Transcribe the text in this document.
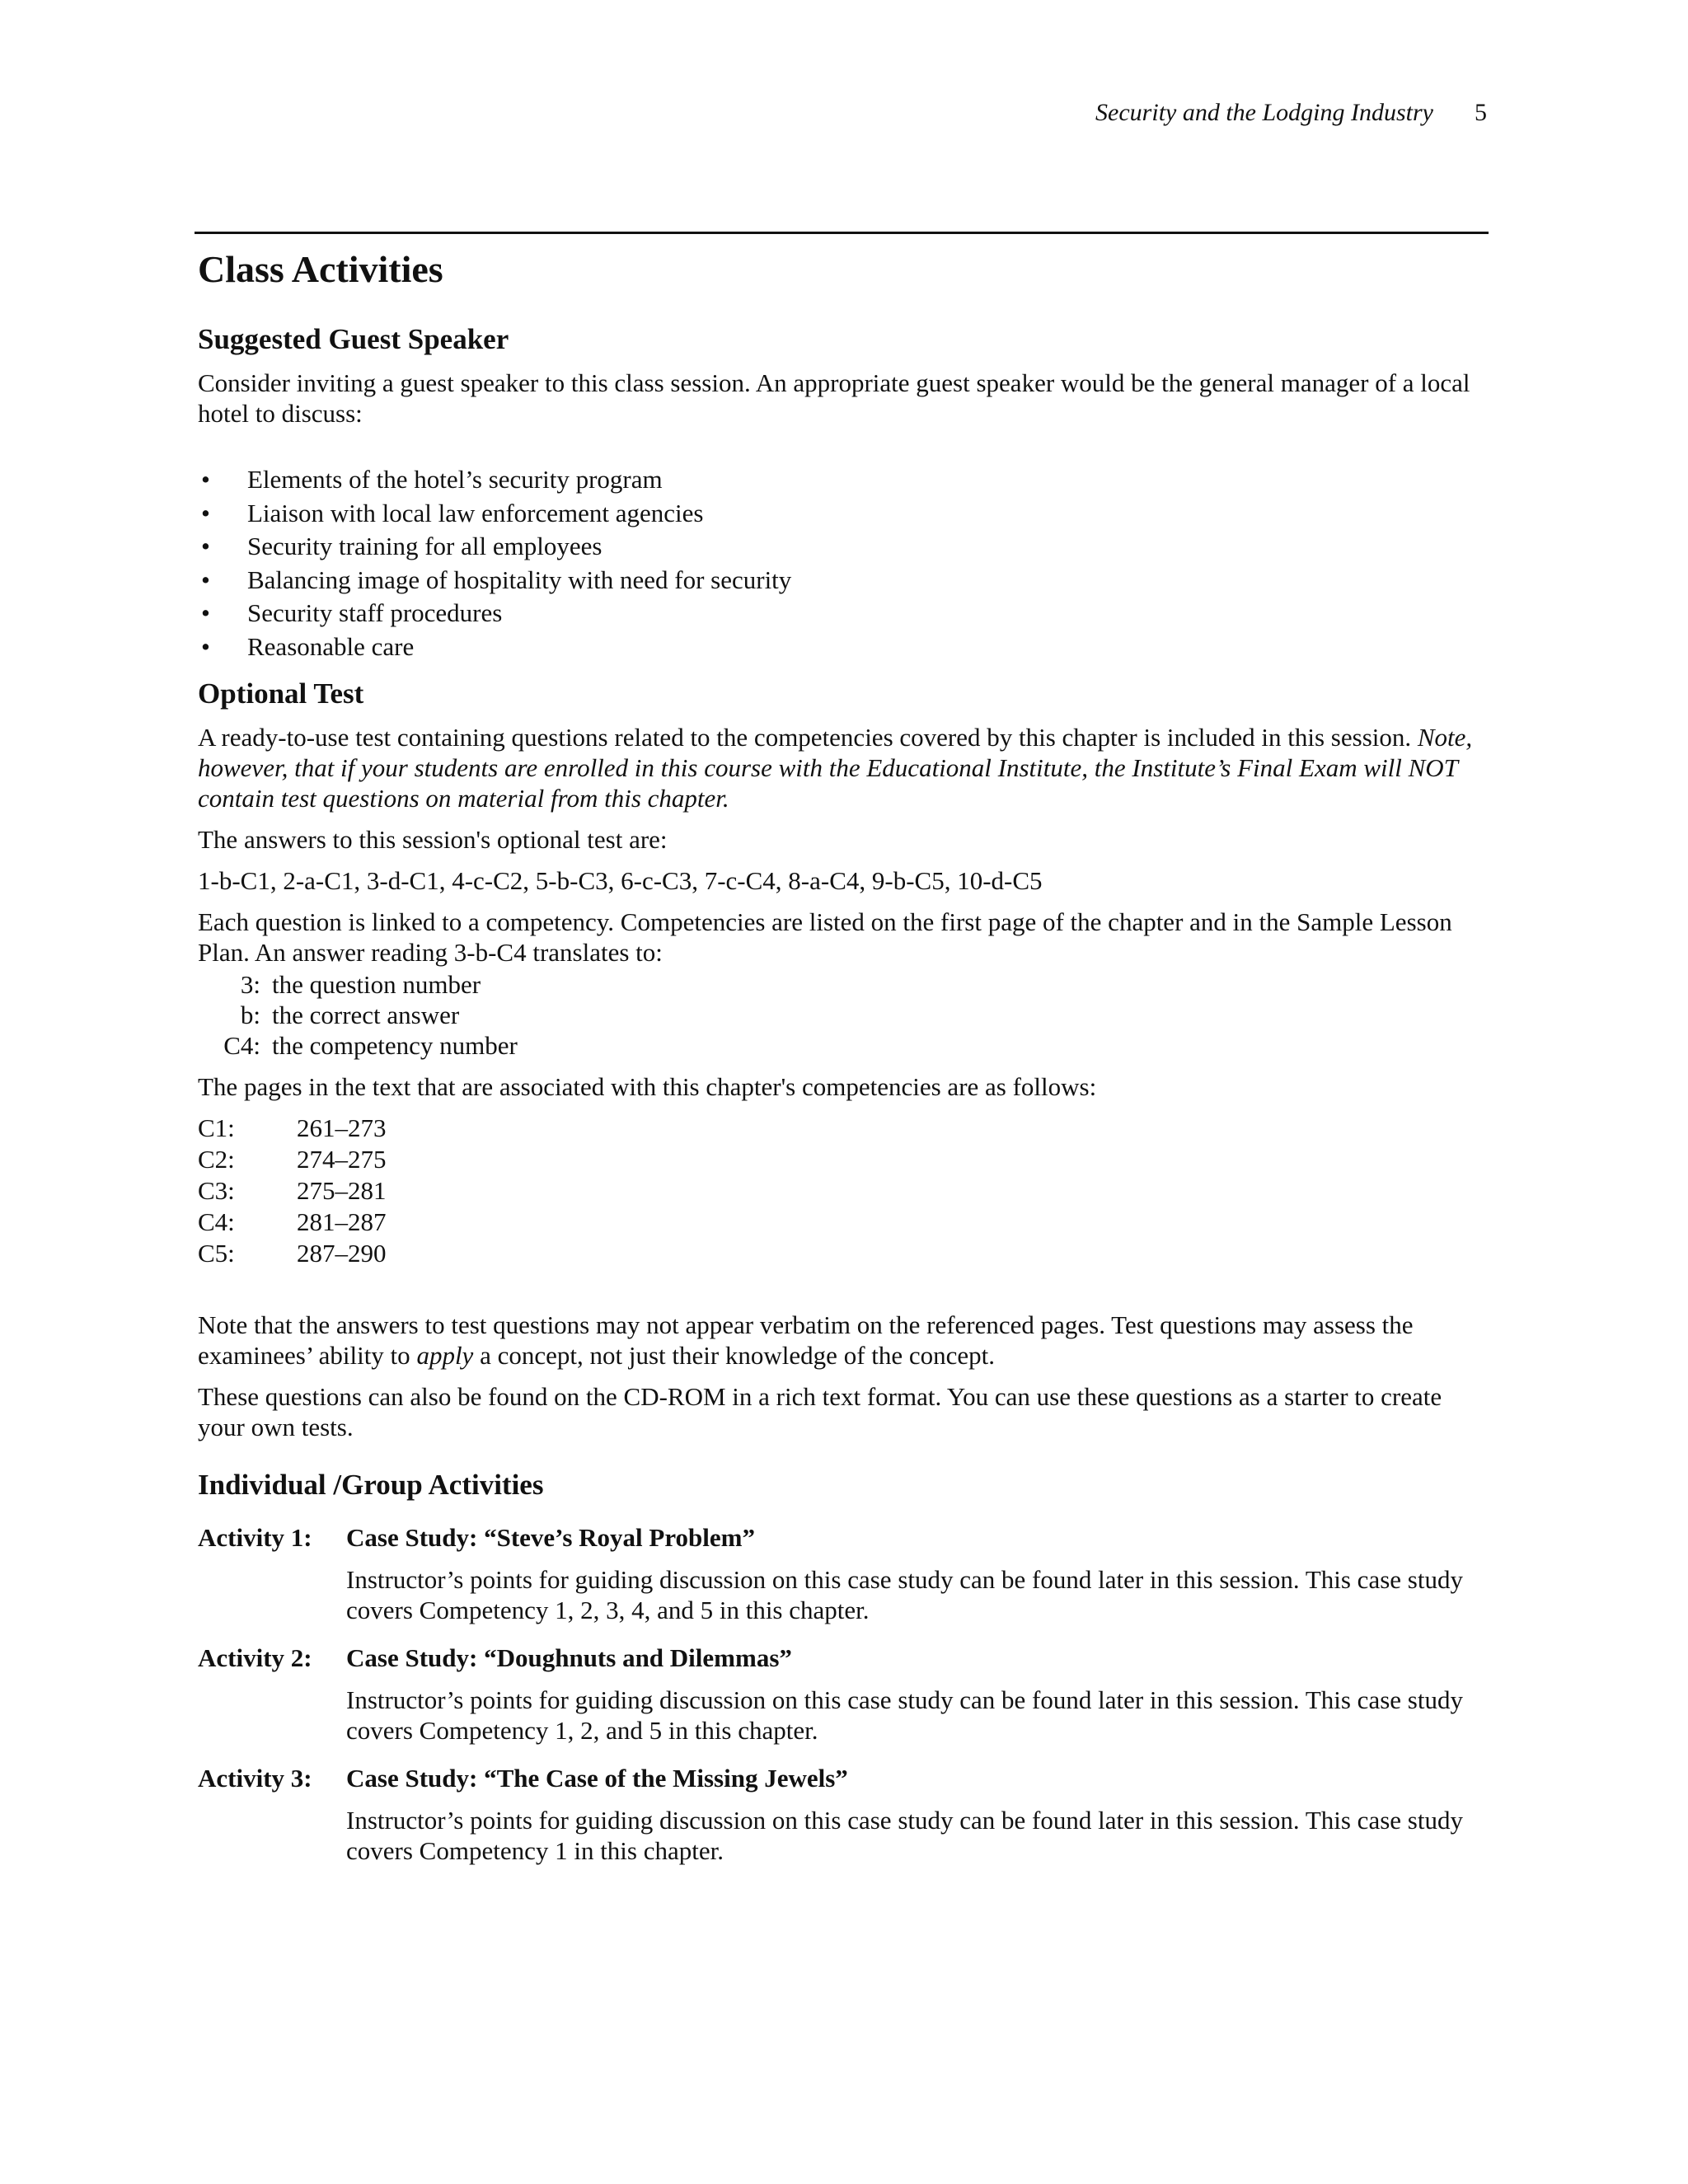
Security and the Lodging Industry 5
Class Activities
Suggested Guest Speaker

Consider inviting a guest speaker to this class session. An appropriate guest speaker would be the general manager of a local hotel to discuss:

• Elements of the hotel’s security program
• Liaison with local law enforcement agencies
• Security training for all employees
• Balancing image of hospitality with need for security
• Security staff procedures
• Reasonable care
Optional Test

A ready-to-use test containing questions related to the competencies covered by this chapter is included in this session. Note, however, that if your students are enrolled in this course with the Educational Institute, the Institute’s Final Exam will NOT contain test questions on material from this chapter.

The answers to this session's optional test are:

1-b-C1, 2-a-C1, 3-d-C1, 4-c-C2, 5-b-C3, 6-c-C3, 7-c-C4, 8-a-C4, 9-b-C5, 10-d-C5

Each question is linked to a competency. Competencies are listed on the first page of the chapter and in the Sample Lesson Plan. An answer reading 3-b-C4 translates to:

3: the question number
b: the correct answer
C4: the competency number

The pages in the text that are associated with this chapter's competencies are as follows:

C1:	261–273
C2:	274–275
C3:	275–281
C4:	281–287
C5:	287–290

Note that the answers to test questions may not appear verbatim on the referenced pages. Test questions may assess the examinees’ ability to apply a concept, not just their knowledge of the concept.

These questions can also be found on the CD-ROM in a rich text format. You can use these questions as a starter to create your own tests.

Individual /Group Activities
Activity 1:	Case Study: “Steve’s Royal Problem”
Instructor’s points for guiding discussion on this case study can be found later in this session. This case study covers Competency 1, 2, 3, 4, and 5 in this chapter.
Activity 2:	Case Study: “Doughnuts and Dilemmas”
Instructor’s points for guiding discussion on this case study can be found later in this session. This case study covers Competency 1, 2, and 5 in this chapter.
Activity 3:	Case Study: “The Case of the Missing Jewels”
Instructor’s points for guiding discussion on this case study can be found later in this session. This case study covers Competency 1 in this chapter.
